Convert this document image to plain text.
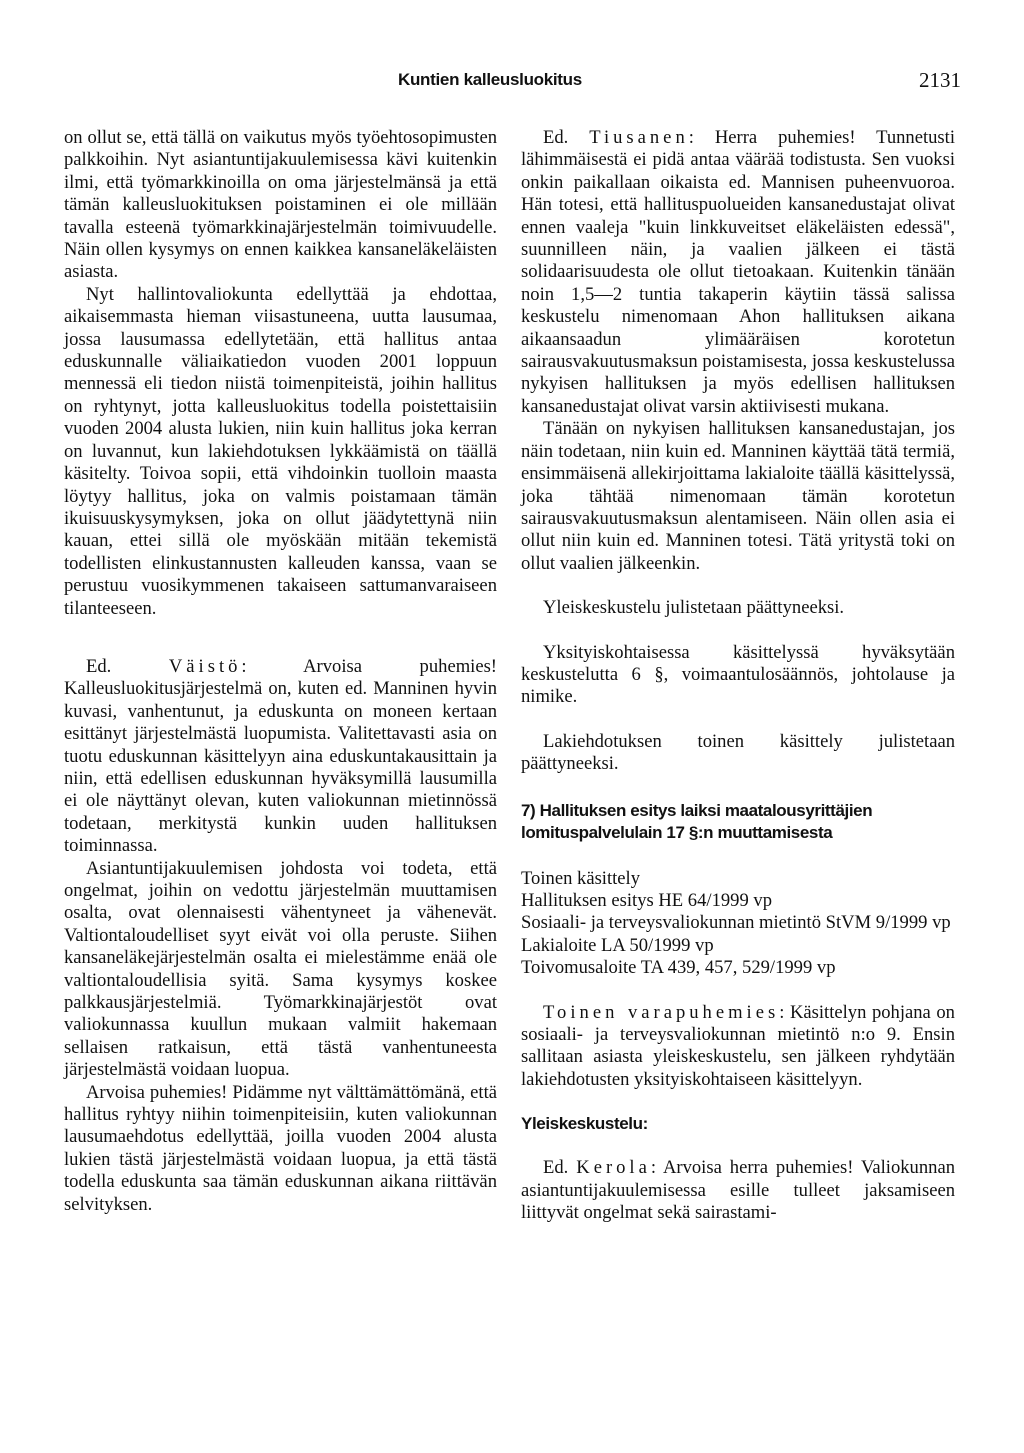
Kuntien kalleusluokitus	2131

on ollut se, että tällä on vaikutus myös työehtosopimusten palkkoihin. Nyt asiantuntijakuulemisessa kävi kuitenkin ilmi, että työmarkkinoilla on oma järjestelmänsä ja että tämän kalleusluokituksen poistaminen ei ole millään tavalla esteenä työmarkkinajärjestelmän toimivuudelle. Näin ollen kysymys on ennen kaikkea kansaneläkeläisten asiasta.

Nyt hallintovaliokunta edellyttää ja ehdottaa, aikaisemmasta hieman viisastuneena, uutta lausumaa, jossa lausumassa edellytetään, että hallitus antaa eduskunnalle väliaikatiedon vuoden 2001 loppuun mennessä eli tiedon niistä toimenpiteistä, joihin hallitus on ryhtynyt, jotta kalleusluokitus todella poistettaisiin vuoden 2004 alusta lukien, niin kuin hallitus joka kerran on luvannut, kun lakiehdotuksen lykkäämistä on täällä käsitelty. Toivoa sopii, että vihdoinkin tuolloin maasta löytyy hallitus, joka on valmis poistamaan tämän ikuisuuskysymyksen, joka on ollut jäädytettynä niin kauan, ettei sillä ole myöskään mitään tekemistä todellisten elinkustannusten kalleuden kanssa, vaan se perustuu vuosikymmenen takaiseen sattumanvaraiseen tilanteeseen.

Ed. Väistö: Arvoisa puhemies! Kalleusluokitusjärjestelmä on, kuten ed. Manninen hyvin kuvasi, vanhentunut, ja eduskunta on moneen kertaan esittänyt järjestelmästä luopumista. Valitettavasti asia on tuotu eduskunnan käsittelyyn aina eduskuntakausittain ja niin, että edellisen eduskunnan hyväksymillä lausumilla ei ole näyttänyt olevan, kuten valiokunnan mietinnössä todetaan, merkitystä kunkin uuden hallituksen toiminnassa.

Asiantuntijakuulemisen johdosta voi todeta, että ongelmat, joihin on vedottu järjestelmän muuttamisen osalta, ovat olennaisesti vähentyneet ja vähenevät. Valtiontaloudelliset syyt eivät voi olla peruste. Siihen kansaneläkejärjestelmän osalta ei mielestämme enää ole valtiontaloudellisia syitä. Sama kysymys koskee palkkausjärjestelmiä. Työmarkkinajärjestöt ovat valiokunnassa kuullun mukaan valmiit hakemaan sellaisen ratkaisun, että tästä vanhentuneesta järjestelmästä voidaan luopua.

Arvoisa puhemies! Pidämme nyt välttämättömänä, että hallitus ryhtyy niihin toimenpiteisiin, kuten valiokunnan lausumaehdotus edellyttää, joilla vuoden 2004 alusta lukien tästä järjestelmästä voidaan luopua, ja että tästä todella eduskunta saa tämän eduskunnan aikana riittävän selvityksen.

Ed. Tiusanen: Herra puhemies! Tunnetusti lähimmäisestä ei pidä antaa väärää todistusta. Sen vuoksi onkin paikallaan oikaista ed. Mannisen puheenvuoroa. Hän totesi, että hallituspuolueiden kansanedustajat olivat ennen vaaleja "kuin linkkuveitset eläkeläisten edessä", suunnilleen näin, ja vaalien jälkeen ei tästä solidaarisuudesta ole ollut tietoakaan. Kuitenkin tänään noin 1,5—2 tuntia takaperin käytiin tässä salissa keskustelu nimenomaan Ahon hallituksen aikana aikaansaadun ylimääräisen korotetun sairausvakuutusmaksun poistamisesta, jossa keskustelussa nykyisen hallituksen ja myös edellisen hallituksen kansanedustajat olivat varsin aktiivisesti mukana.

Tänään on nykyisen hallituksen kansanedustajan, jos näin todetaan, niin kuin ed. Manninen käyttää tätä termiä, ensimmäisenä allekirjoittama lakialoite täällä käsittelyssä, joka tähtää nimenomaan tämän korotetun sairausvakuutusmaksun alentamiseen. Näin ollen asia ei ollut niin kuin ed. Manninen totesi. Tätä yritystä toki on ollut vaalien jälkeenkin.

Yleiskeskustelu julistetaan päättyneeksi.

Yksityiskohtaisessa käsittelyssä hyväksytään keskustelutta 6 §, voimaantulosäännös, johtolause ja nimike.

Lakiehdotuksen toinen käsittely julistetaan päättyneeksi.

7) Hallituksen esitys laiksi maatalousyrittäjien lomituspalvelulain 17 §:n muuttamisesta
Toinen käsittely
Hallituksen esitys HE 64/1999 vp
Sosiaali- ja terveysvaliokunnan mietintö StVM 9/1999 vp
Lakialoite LA 50/1999 vp
Toivomusaloite TA 439, 457, 529/1999 vp

Toinen varapuhemies: Käsittelyn pohjana on sosiaali- ja terveysvaliokunnan mietintö n:o 9. Ensin sallitaan asiasta yleiskeskustelu, sen jälkeen ryhdytään lakiehdotusten yksityiskohtaiseen käsittelyyn.

Yleiskeskustelu:

Ed. Kerola: Arvoisa herra puhemies! Valiokunnan asiantuntijakuulemisessa esille tulleet jaksamiseen liittyvät ongelmat sekä sairastami-
